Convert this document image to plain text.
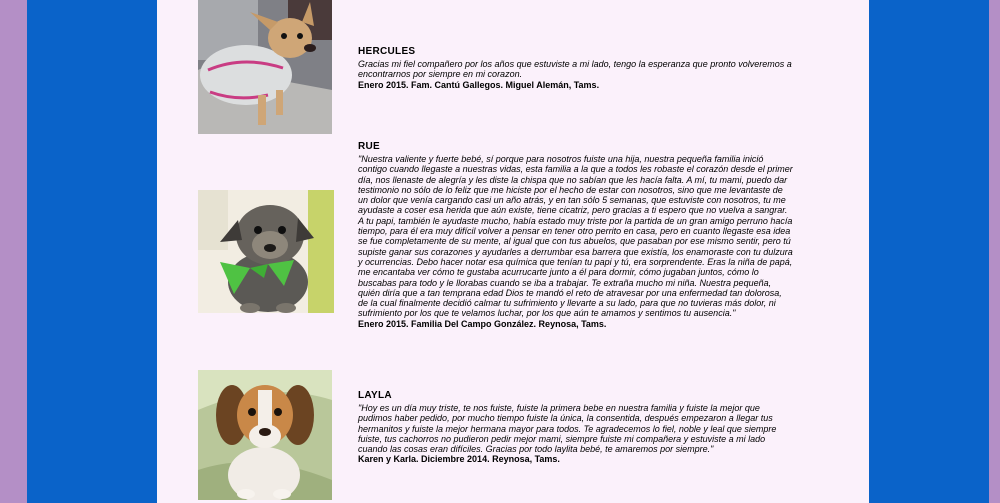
HERCULES

Gracias mi fiel compañero por los años que estuviste a mi lado, tengo la esperanza que pronto volveremos a encontrarnos por siempre en mi corazon.

Enero 2015. Fam. Cantú Gallegos. Miguel Alemán, Tams.

RUE

"Nuestra valiente y fuerte bebé, sí porque para nosotros fuiste una hija, nuestra pequeña familia inició contigo cuando llegaste a nuestras vidas, esta familia a la que a todos les robaste el corazón desde el primer día, nos llenaste de alegría y les diste la chispa que no sabían que les hacía falta. A mí, tu mami, puedo dar testimonio no sólo de lo feliz que me hiciste por el hecho de estar con nosotros, sino que me levantaste de un dolor que venía cargando casi un año atrás, y en tan sólo 5 semanas, que estuviste con nosotros, tu me ayudaste a coser esa herida que aún existe, tiene cicatriz, pero gracias a ti espero que no vuelva a sangrar. A tu papi, también le ayudaste mucho, había estado muy triste por la partida de un gran amigo perruno hacía tiempo, para él era muy difícil volver a pensar en tener otro perrito en casa, pero en cuanto llegaste esa idea se fue completamente de su mente, al igual que con tus abuelos, que pasaban por ese mismo sentir, pero tú supiste ganar sus corazones y ayudarles a derrumbar esa barrera que existía, los enamoraste con tu dulzura y ocurrencias. Debo hacer notar esa química que tenían tu papi y tú, era sorprendente. Eras la niña de papá, me encantaba ver cómo te gustaba acurrucarte junto a él para dormir, cómo jugaban juntos, cómo lo buscabas para todo y le llorabas cuando se iba a trabajar. Te extraña mucho mi niña. Nuestra pequeña, quién diría que a tan temprana edad Dios te mandó el reto de atravesar por una enfermedad tan dolorosa, de la cual finalmente decidió calmar tu sufrimiento y llevarte a su lado, para que no tuvieras más dolor, ni sufrimiento por los que te velamos luchar, por los que aún te amamos y sentimos tu ausencia."

Enero 2015. Familia Del Campo González. Reynosa, Tams.

LAYLA

"Hoy es un día muy triste, te nos fuiste, fuiste la primera bebe en nuestra familia y fuiste la mejor que pudimos haber pedido, por mucho tiempo fuiste la única, la consentida, después empezaron a llegar tus hermanitos y fuiste la mejor hermana mayor para todos. Te agradecemos lo fiel, noble y leal que siempre fuiste, tus cachorros no pudieron pedir mejor mami, siempre fuiste mi compañera y estuviste a mi lado cuando las cosas eran difíciles. Gracias por todo laylita bebé, te amaremos por siempre."

Karen y Karla. Diciembre 2014. Reynosa, Tams.
